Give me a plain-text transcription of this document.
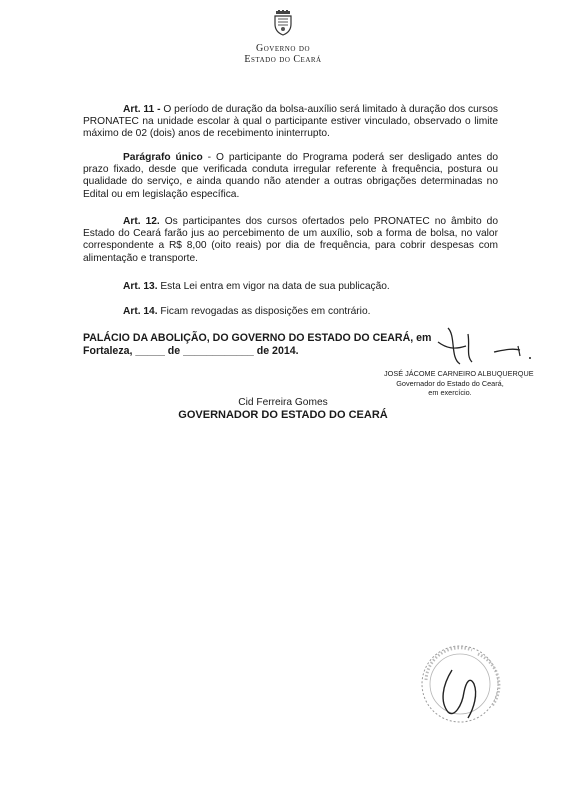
Governo do
Estado do Ceará
Art. 11 - O período de duração da bolsa-auxílio será limitado à duração dos cursos PRONATEC na unidade escolar à qual o participante estiver vinculado, observado o limite máximo de 02 (dois) anos de recebimento ininterrupto.
Parágrafo único - O participante do Programa poderá ser desligado antes do prazo fixado, desde que verificada conduta irregular referente à frequência, postura ou qualidade do serviço, e ainda quando não atender a outras obrigações determinadas no Edital ou em legislação específica.
Art. 12. Os participantes dos cursos ofertados pelo PRONATEC no âmbito do Estado do Ceará farão jus ao percebimento de um auxílio, sob a forma de bolsa, no valor correspondente a R$ 8,00 (oito reais) por dia de frequência, para cobrir despesas com alimentação e transporte.
Art. 13. Esta Lei entra em vigor na data de sua publicação.
Art. 14. Ficam revogadas as disposições em contrário.
PALÁCIO DA ABOLIÇÃO, DO GOVERNO DO ESTADO DO CEARÁ, em
Fortaleza, _____ de ____________ de 2014.
JOSÉ JÁCOME CARNEIRO ALBUQUERQUE
Governador do Estado do Ceará,
em exercício.
Cid Ferreira Gomes
GOVERNADOR DO ESTADO DO CEARÁ
